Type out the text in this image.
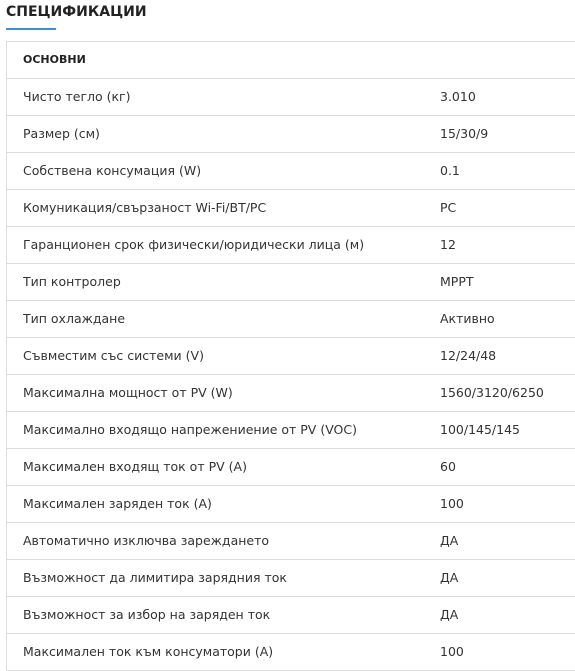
СПЕЦИФИКАЦИИ
ОСНОВНИ
Чисто тегло (кг)	3.010
Размер (см)	15/30/9
Собствена консумация (W)	0.1
Комуникация/свързаност Wi-Fi/BT/PC	PC
Гаранционен срок физически/юридически лица (м)	12
Тип контролер	MPPT
Тип охлаждане	Активно
Съвместим със системи (V)	12/24/48
Максимална мощност от PV (W)	1560/3120/6250
Максимално входящо напрежениение от PV (VOC)	100/145/145
Максимален входящ ток от PV (A)	60
Максимален заряден ток (A)	100
Автоматично изключва зареждането	ДА
Възможност да лимитира зарядния ток	ДА
Възможност за избор на заряден ток	ДА
Максимален ток към консуматори (A)	100
